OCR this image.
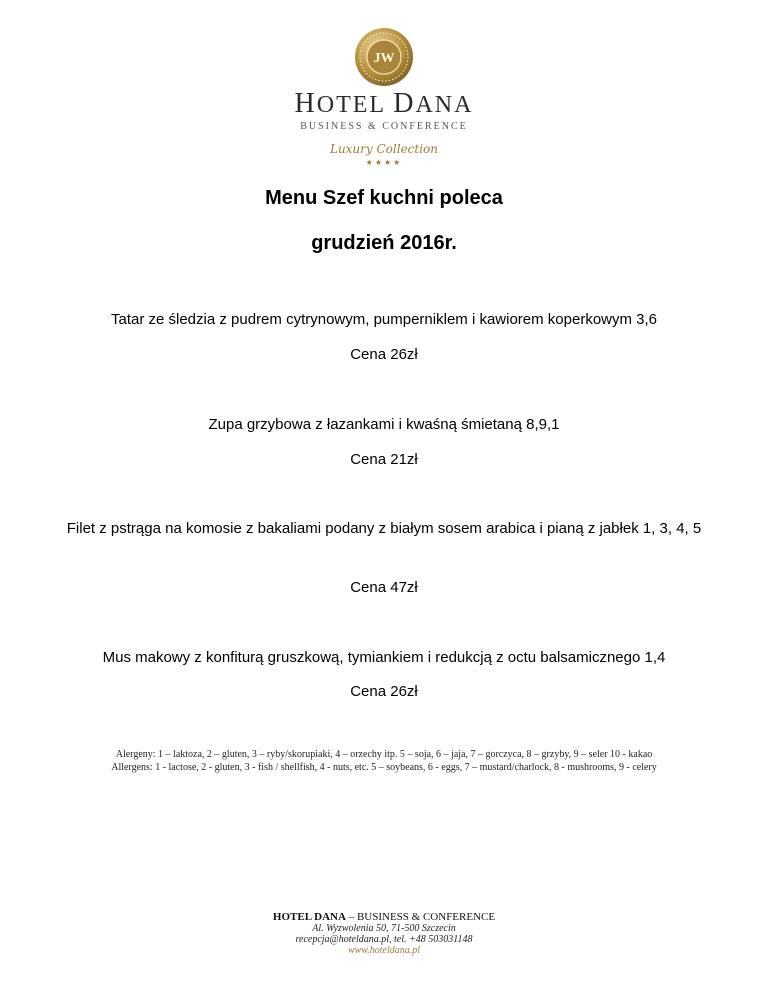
JW
HOTEL DANA
BUSINESS & CONFERENCE
Luxury Collection
★★★★
Menu Szef kuchni poleca
grudzień 2016r.
Tatar ze śledzia z pudrem cytrynowym, pumperniklem i kawiorem koperkowym 3,6
Cena 26zł
Zupa grzybowa z łazankami i kwaśną śmietaną 8,9,1
Cena 21zł
Filet z pstrąga na komosie z bakaliami podany z białym sosem arabica i pianą z jabłek 1, 3, 4, 5
Cena 47zł
Mus makowy z konfiturą gruszkową, tymiankiem i redukcją z octu balsamicznego 1,4
Cena 26zł
Alergeny: 1 – laktoza, 2 – gluten, 3 – ryby/skorupiaki, 4 – orzechy itp. 5 – soja, 6 – jaja, 7 – gorczyca, 8 – grzyby, 9 – seler 10 - kakao
Allergens: 1 - lactose, 2 - gluten, 3 - fish / shellfish, 4 - nuts, etc. 5 – soybeans, 6 - eggs, 7 – mustard/charlock, 8 - mushrooms, 9 - celery
HOTEL DANA – BUSINESS & CONFERENCE
Al. Wyzwolenia 50, 71-500 Szczecin
recepcja@hoteldana.pl, tel. +48 503031148
www.hoteldana.pl
